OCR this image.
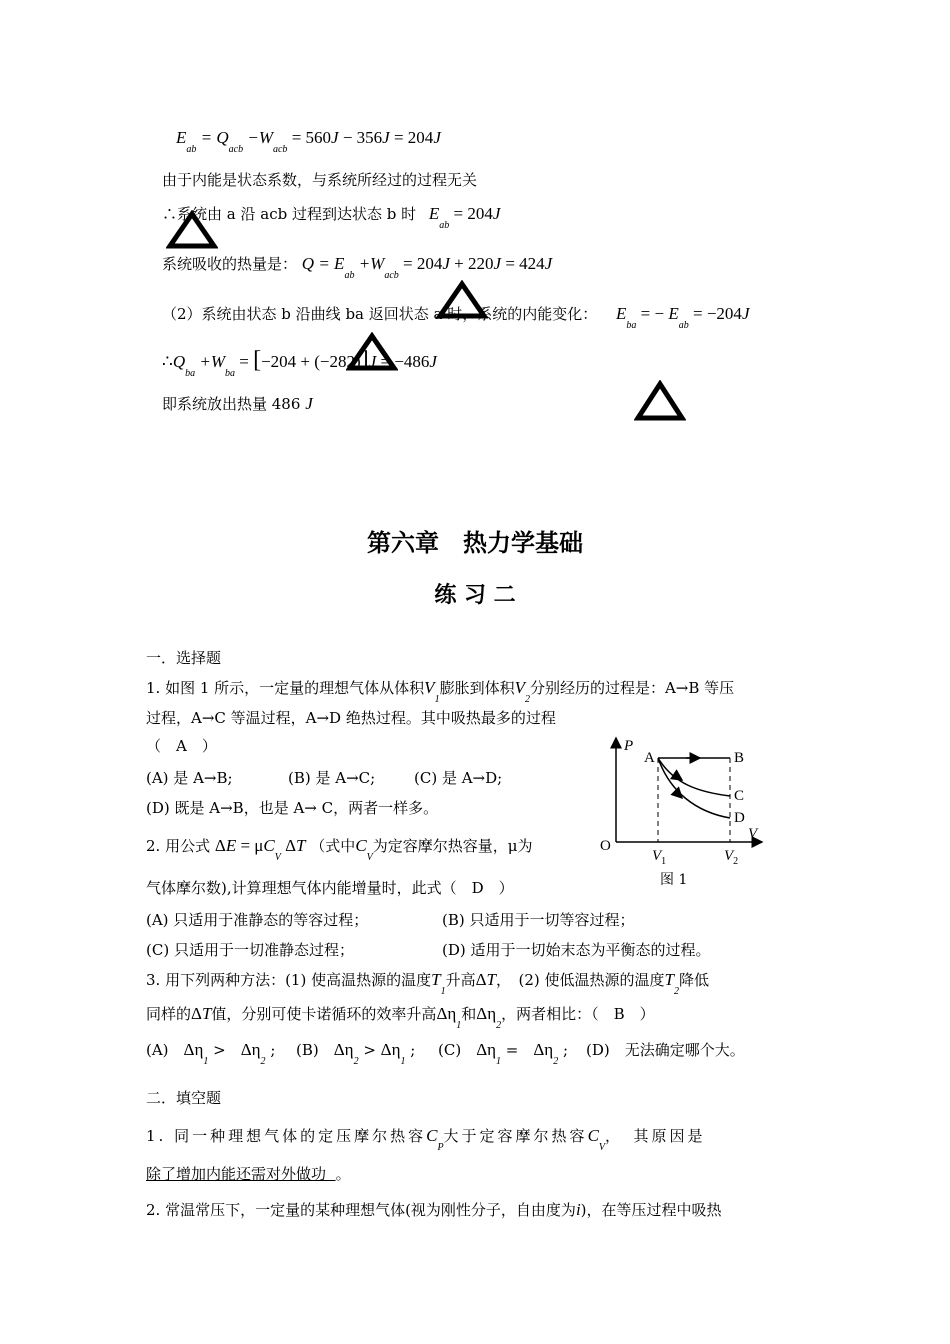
$E_{ab} = Q_{acb} -W_{acb} = 560J - 356J = 204J$
由于内能是状态系数，与系统所经过的过程无关
∴系统由 a 沿 acb 过程到达状态 b 时 $E_{ab} = 204J$
系统吸收的热量是： $Q = E_{ab} +W_{acb} = 204J + 220J = 424J$
（2）系统由状态 b 沿曲线 ba 返回状态 a 时，系统的内能变化： $E_{ba}$ = − $E_{ab} = -204J$
$\therefore Q_{ba} +W_{ba} = [-204 + (-282)]J = -486J$
即系统放出热量 486 J
第六章　热力学基础
练 习 二
一．选择题
1. 如图 1 所示，一定量的理想气体从体积$V_1$膨胀到体积$V_2$分别经历的过程是：A→B 等压
过程，A→C 等温过程，A→D 绝热过程。其中吸热最多的过程
（　A　）
(A) 是 A→B;	(B) 是 A→C;	(C) 是 A→D;
(D) 既是 A→B，也是 A→ C，两者一样多。
2. 用公式 $\Delta E = \mu C_V$ ΔT （式中$C_V$为定容摩尔热容量，μ为
气体摩尔数),计算理想气体内能增量时，此式（　D　）
(A) 只适用于准静态的等容过程；	(B) 只适用于一切等容过程；
(C) 只适用于一切准静态过程；	(D) 适用于一切始末态为平衡态的过程。
3. 用下列两种方法：(1) 使高温热源的温度$T_1$升高ΔT，　(2) 使低温热源的温度$T_2$降低
同样的ΔT值，分别可使卡诺循环的效率升高$\Delta\eta_1$和$\Delta\eta_2$，两者相比：（　B　）
(A)　$\Delta\eta_1$ >　$\Delta\eta_2$ ; (B)　$\Delta\eta_2 > \Delta\eta_1$ ; (C)　$\Delta\eta_1$ =　$\Delta\eta_2$ ; (D)　无法确定哪个大。
二．填空题
1. 同一种理想气体的定压摩尔热容$C_P$大于定容摩尔热容$C_V$，　其原因是
除了增加内能还需对外做功 。
2. 常温常压下，一定量的某种理想气体(视为刚性分子，自由度为i)，在等压过程中吸热
P
V
O
A	B
C
D
$V_1$	$V_2$
图 1
